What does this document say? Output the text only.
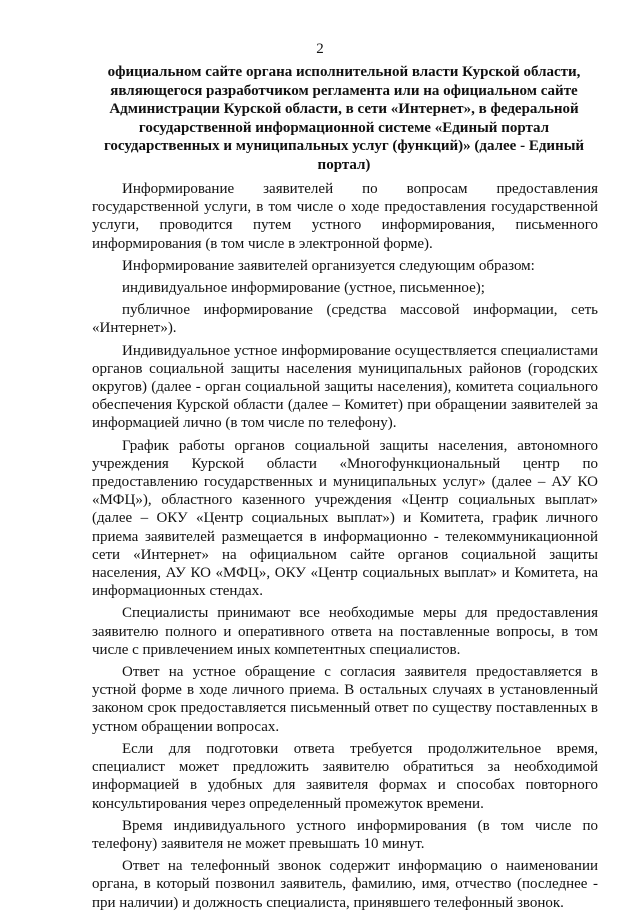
2
официальном сайте органа исполнительной власти Курской области, являющегося разработчиком регламента или на официальном сайте Администрации Курской области, в сети «Интернет», в федеральной государственной информационной системе «Единый портал государственных и муниципальных услуг (функций)» (далее - Единый портал)

Информирование заявителей по вопросам предоставления государственной услуги, в том числе о ходе предоставления государственной услуги, проводится путем устного информирования, письменного информирования (в том числе в электронной форме).

Информирование заявителей организуется следующим образом:

индивидуальное информирование (устное, письменное);

публичное информирование (средства массовой информации, сеть «Интернет»).

Индивидуальное устное информирование осуществляется специалистами органов социальной защиты населения муниципальных районов (городских округов) (далее - орган социальной защиты населения), комитета социального обеспечения Курской области (далее – Комитет) при обращении заявителей за информацией лично (в том числе по телефону).

График работы органов социальной защиты населения, автономного учреждения Курской области «Многофункциональный центр по предоставлению государственных и муниципальных услуг» (далее – АУ КО «МФЦ»), областного казенного учреждения «Центр социальных выплат» (далее – ОКУ «Центр социальных выплат») и Комитета, график личного приема заявителей размещается в информационно - телекоммуникационной сети «Интернет» на официальном сайте органов социальной защиты населения, АУ КО «МФЦ», ОКУ «Центр социальных выплат» и Комитета, на информационных стендах.

Специалисты принимают все необходимые меры для предоставления заявителю полного и оперативного ответа на поставленные вопросы, в том числе с привлечением иных компетентных специалистов.

Ответ на устное обращение с согласия заявителя предоставляется в устной форме в ходе личного приема. В остальных случаях в установленный законом срок предоставляется письменный ответ по существу поставленных в устном обращении вопросах.

Если для подготовки ответа требуется продолжительное время, специалист может предложить заявителю обратиться за необходимой информацией в удобных для заявителя формах и способах повторного консультирования через определенный промежуток времени.

Время индивидуального устного информирования (в том числе по телефону) заявителя не может превышать 10 минут.

Ответ на телефонный звонок содержит информацию о наименовании органа, в который позвонил заявитель, фамилию, имя, отчество (последнее - при наличии) и должность специалиста, принявшего телефонный звонок.
